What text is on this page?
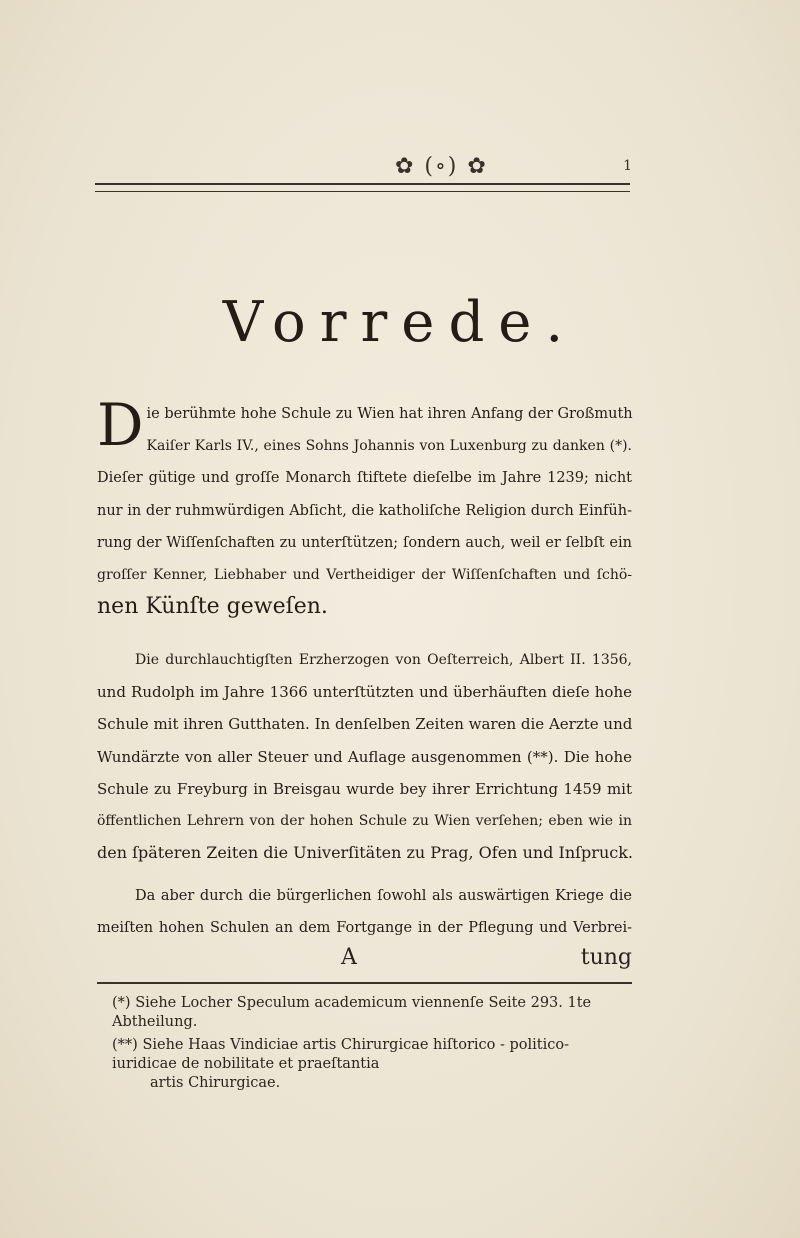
✿ (∘) ✿	1
Vorrede.
D ie berühmte hohe Schule zu Wien hat ihren Anfang der Großmuth
Kaiſer Karls IV., eines Sohns Johannis von Luxenburg zu danken (*).
Dieſer gütige und groſſe Monarch ſtiftete dieſelbe im Jahre 1239; nicht
nur in der ruhmwürdigen Abſicht, die katholiſche Religion durch Einfüh-
rung der Wiſſenſchaften zu unterſtützen; ſondern auch, weil er ſelbſt ein
groſſer Kenner, Liebhaber und Vertheidiger der Wiſſenſchaften und ſchö-
nen Künſte geweſen.
Die durchlauchtigſten Erzherzogen von Oeſterreich, Albert II. 1356,
und Rudolph im Jahre 1366 unterſtützten und überhäuften dieſe hohe
Schule mit ihren Gutthaten. In denſelben Zeiten waren die Aerzte und
Wundärzte von aller Steuer und Auflage ausgenommen (**). Die hohe
Schule zu Freyburg in Breisgau wurde bey ihrer Errichtung 1459 mit
öffentlichen Lehrern von der hohen Schule zu Wien verſehen; eben wie in
den ſpäteren Zeiten die Univerſitäten zu Prag, Ofen und Inſpruck.
Da aber durch die bürgerlichen ſowohl als auswärtigen Kriege die
meiſten hohen Schulen an dem Fortgange in der Pflegung und Verbrei-
A	tung
(*) Siehe Locher Speculum academicum viennenſe Seite 293. 1te Abtheilung.
(**) Siehe Haas Vindiciae artis Chirurgicae hiſtorico - politico-iuridicae de nobilitate et praeſtantia
artis Chirurgicae.
